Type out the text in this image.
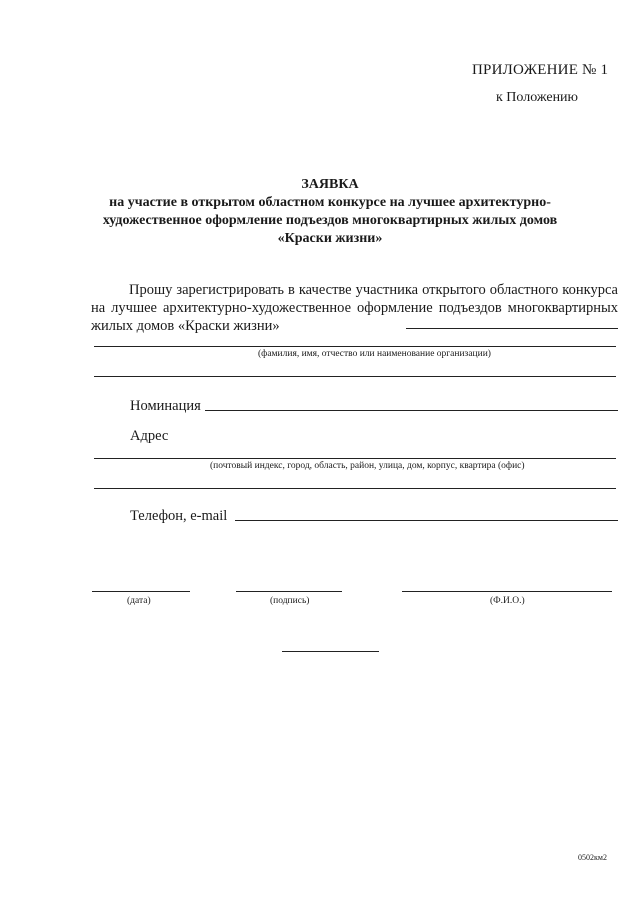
ПРИЛОЖЕНИЕ № 1
к Положению
ЗАЯВКА
на участие в открытом областном конкурсе на лучшее архитектурно-
художественное оформление подъездов многоквартирных жилых домов
«Краски жизни»
Прошу зарегистрировать в качестве участника открытого областного конкурса на лучшее архитектурно-художественное оформление подъездов многоквартирных жилых домов «Краски жизни»
(фамилия, имя, отчество или наименование организации)
Номинация
Адрес
(почтовый индекс, город, область, район, улица, дом, корпус, квартира (офис)
Телефон, e-mail
(дата)	(подпись)	(Ф.И.О.)
0502км2
